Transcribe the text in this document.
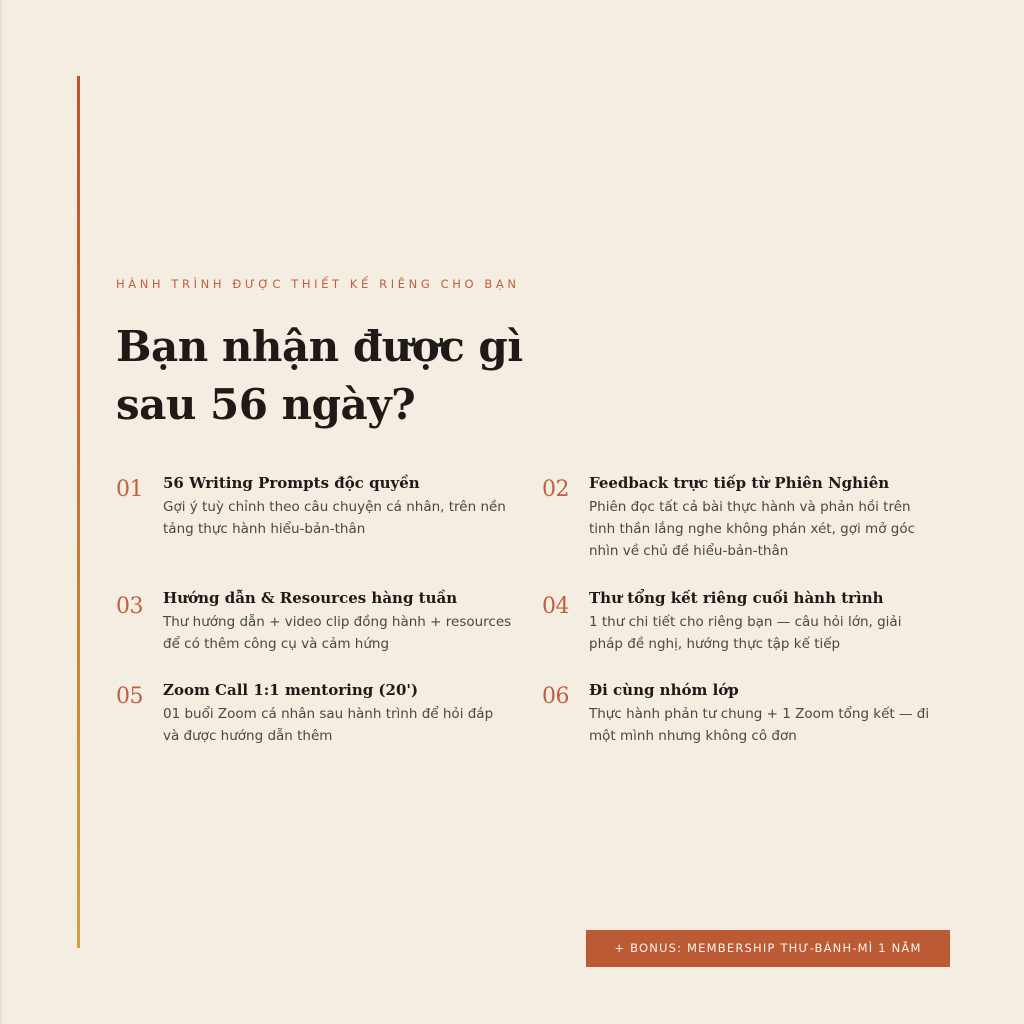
HÀNH TRÌNH ĐƯỢC THIẾT KẾ RIÊNG CHO BẠN
Bạn nhận được gì
sau 56 ngày?
01 56 Writing Prompts độc quyền
Gợi ý tuỳ chỉnh theo câu chuyện cá nhân, trên nền tảng thực hành hiểu-bản-thân
02 Feedback trực tiếp từ Phiên Nghiên
Phiên đọc tất cả bài thực hành và phản hồi trên tinh thần lắng nghe không phán xét, gợi mở góc nhìn về chủ đề hiểu-bản-thân
03 Hướng dẫn & Resources hàng tuần
Thư hướng dẫn + video clip đồng hành + resources để có thêm công cụ và cảm hứng
04 Thư tổng kết riêng cuối hành trình
1 thư chi tiết cho riêng bạn — câu hỏi lớn, giải pháp đề nghị, hướng thực tập kế tiếp
05 Zoom Call 1:1 mentoring (20')
01 buổi Zoom cá nhân sau hành trình để hỏi đáp và được hướng dẫn thêm
06 Đi cùng nhóm lớp
Thực hành phản tư chung + 1 Zoom tổng kết — đi một mình nhưng không cô đơn
+ BONUS: MEMBERSHIP THƯ-BÁNH-MÌ 1 NĂM
